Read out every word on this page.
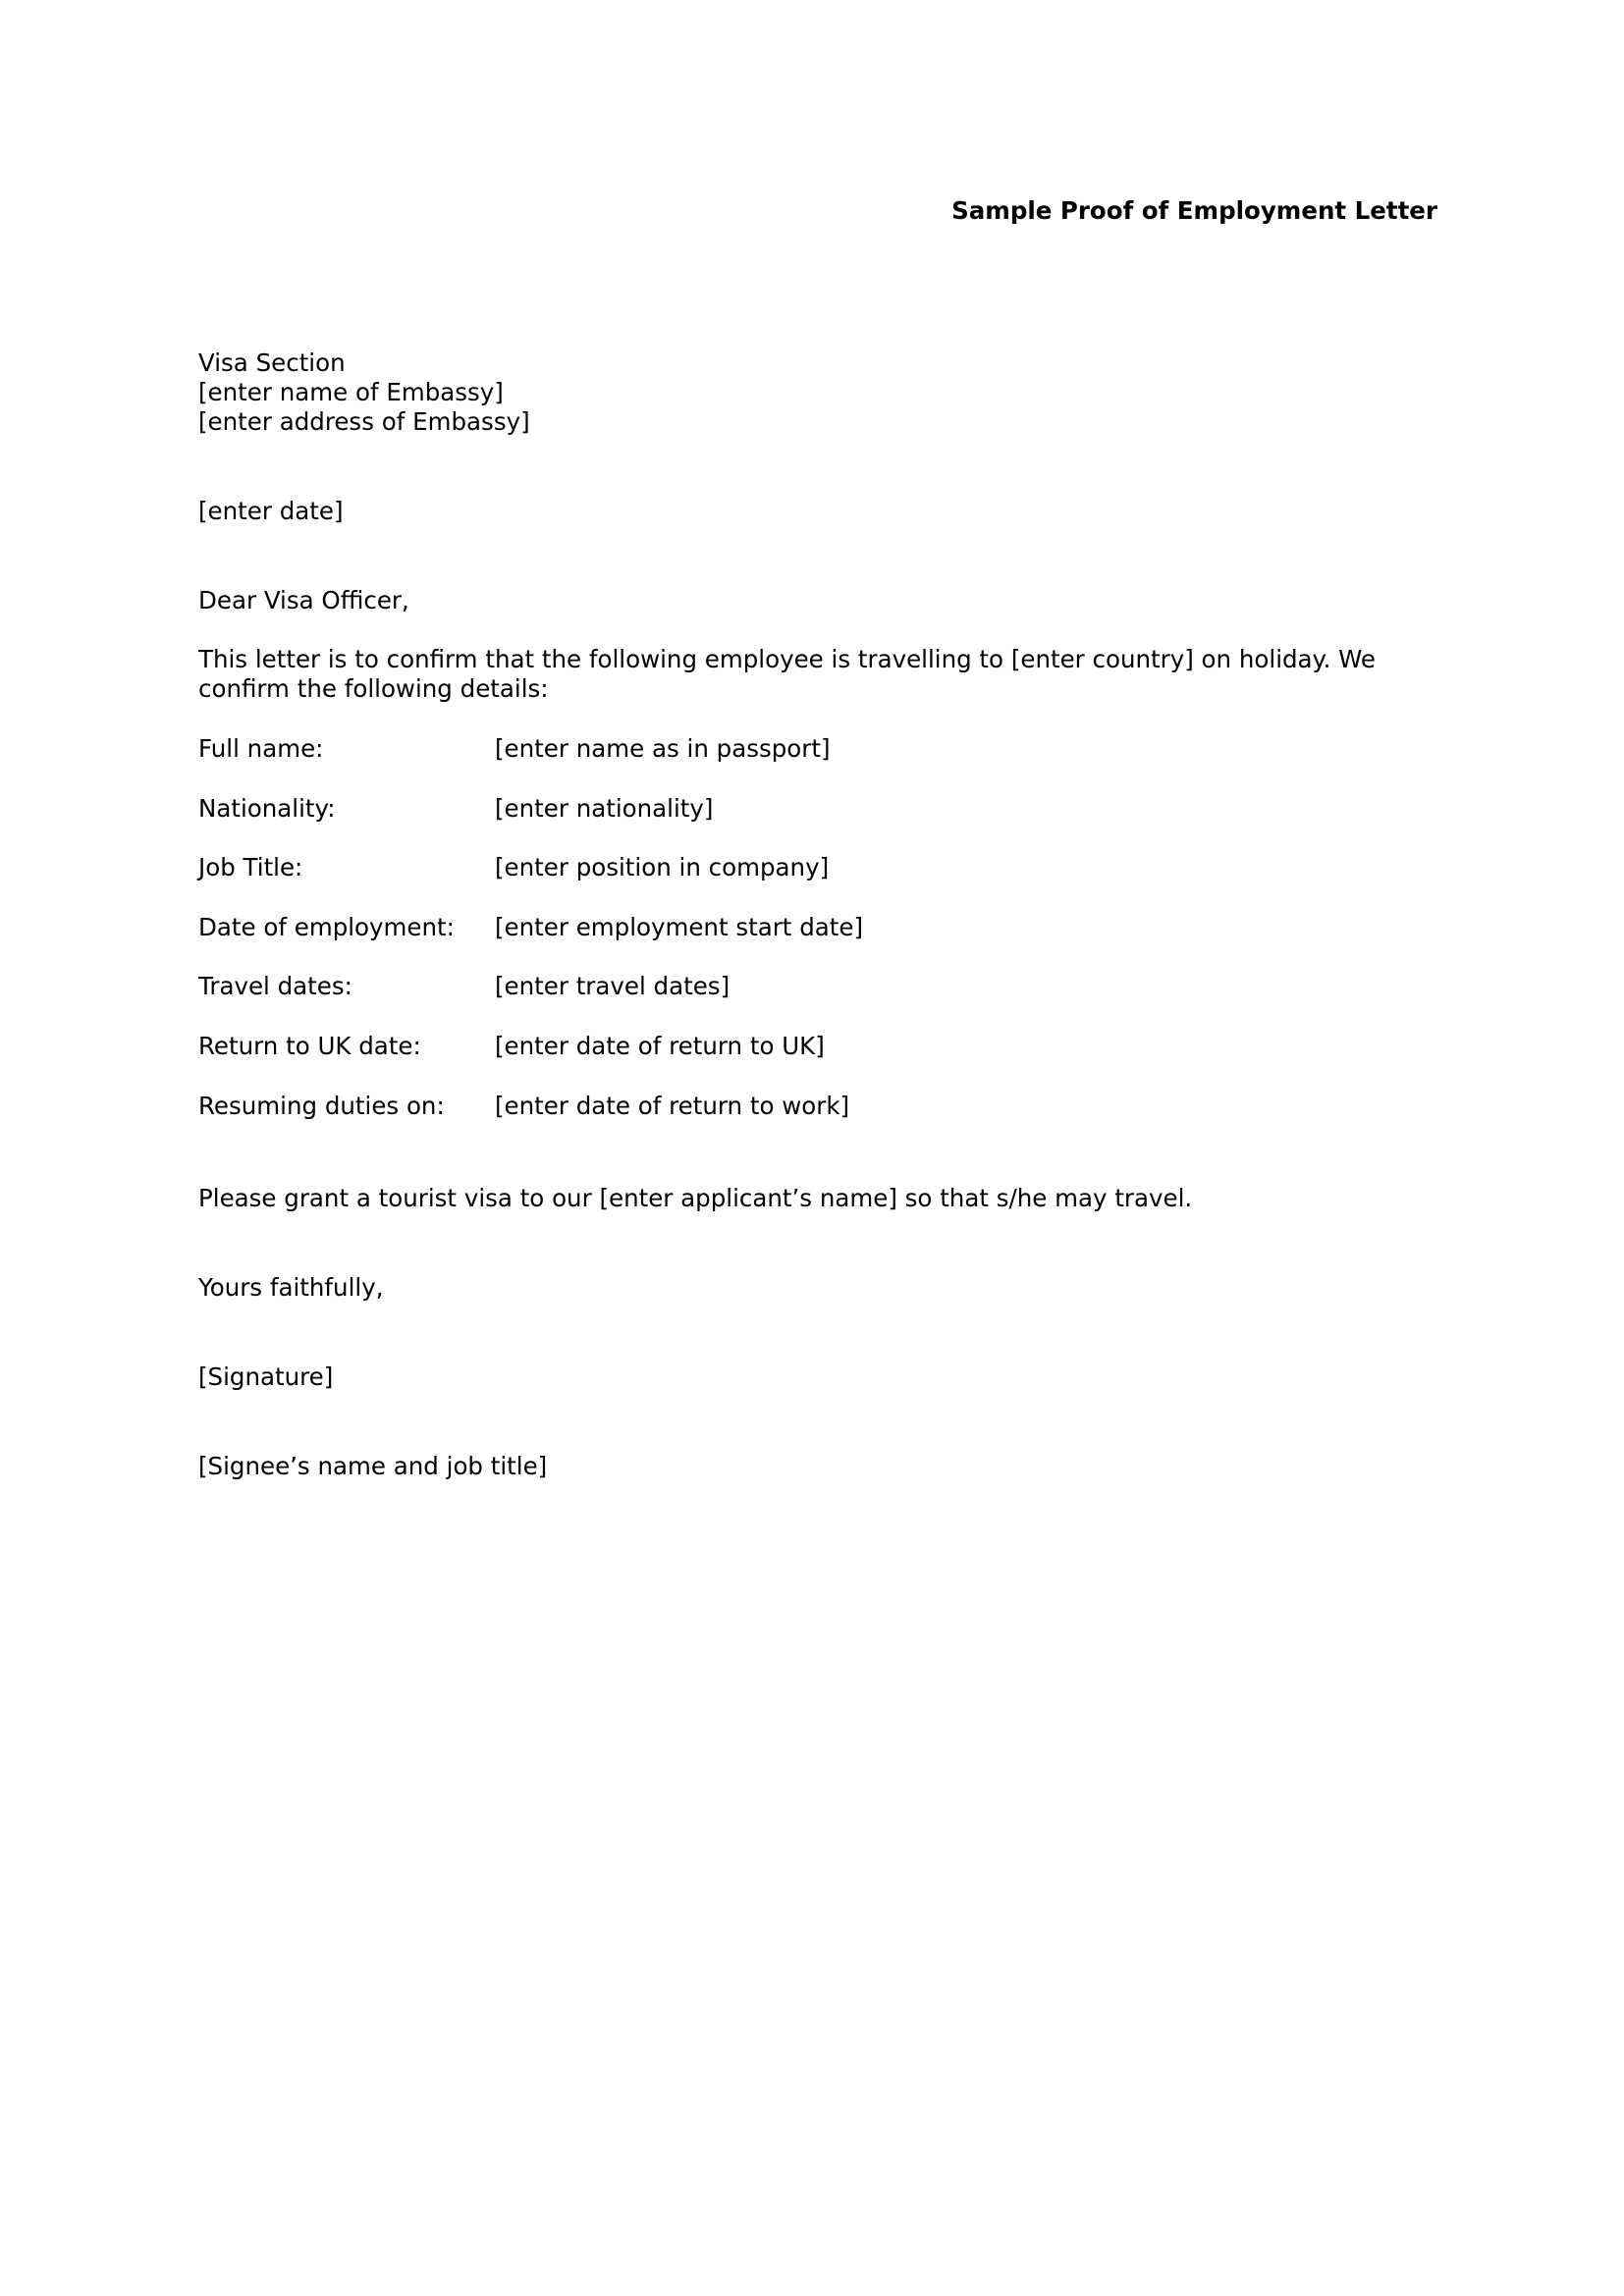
Sample Proof of Employment Letter
Visa Section
[enter name of Embassy]
[enter address of Embassy]
[enter date]
Dear Visa Officer,
This letter is to confirm that the following employee is travelling to [enter country] on holiday. We confirm the following details:
Full name:	[enter name as in passport]
Nationality:	[enter nationality]
Job Title:	[enter position in company]
Date of employment:	[enter employment start date]
Travel dates:	[enter travel dates]
Return to UK date:	[enter date of return to UK]
Resuming duties on:	[enter date of return to work]
Please grant a tourist visa to our [enter applicant’s name] so that s/he may travel.
Yours faithfully,
[Signature]
[Signee’s name and job title]
